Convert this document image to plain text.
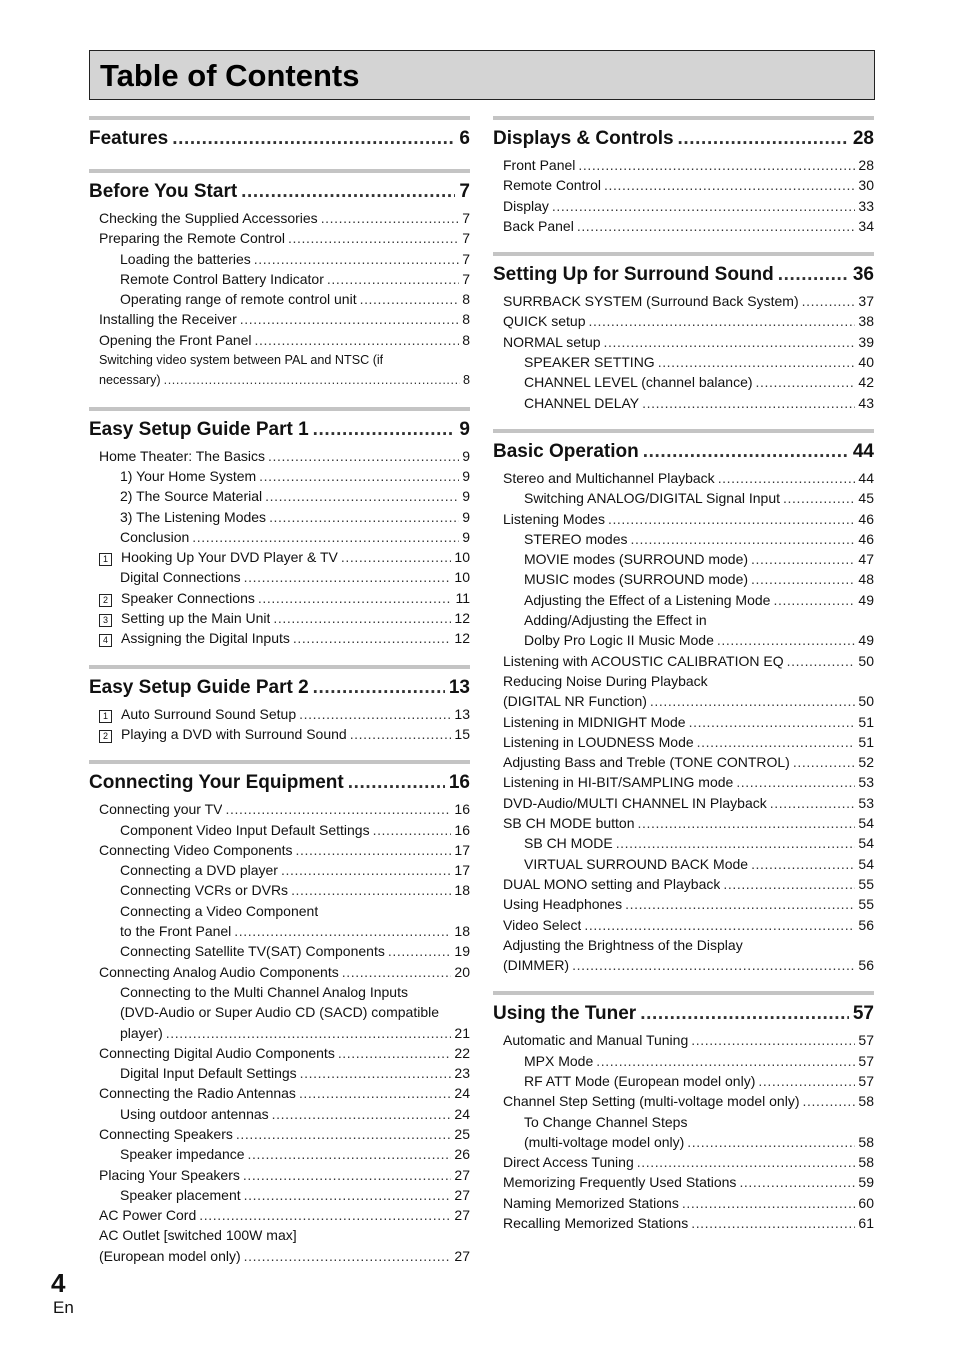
Table of Contents
Features .....	6
Before You Start .....	7
Checking the Supplied Accessories .....	7
Preparing the Remote Control .....	7
Loading the batteries .....	7
Remote Control Battery Indicator .....	7
Operating range of remote control unit .....	8
Installing the Receiver .....	8
Opening the Front Panel .....	8
Switching video system between PAL and NTSC (if
necessary) .....	8
Easy Setup Guide Part 1 .....	9
Home Theater: The Basics .....	9
1) Your Home System .....	9
2) The Source Material .....	9
3) The Listening Modes .....	9
Conclusion .....	9
1 Hooking Up Your DVD Player & TV .....	10
Digital Connections .....	10
2 Speaker Connections .....	11
3 Setting up the Main Unit .....	12
4 Assigning the Digital Inputs .....	12
Easy Setup Guide Part 2 .....	13
1 Auto Surround Sound Setup .....	13
2 Playing a DVD with Surround Sound .....	15
Connecting Your Equipment .....	16
Connecting your TV .....	16
Component Video Input Default Settings .....	16
Connecting Video Components .....	17
Connecting a DVD player .....	17
Connecting VCRs or DVRs .....	18
Connecting a Video Component
to the Front Panel .....	18
Connecting Satellite TV(SAT) Components .....	19
Connecting Analog Audio Components .....	20
Connecting to the Multi Channel Analog Inputs
(DVD-Audio or Super Audio CD (SACD) compatible
player) .....	21
Connecting Digital Audio Components .....	22
Digital Input Default Settings .....	23
Connecting the Radio Antennas .....	24
Using outdoor antennas .....	24
Connecting Speakers .....	25
Speaker impedance .....	26
Placing Your Speakers .....	27
Speaker placement .....	27
AC Power Cord .....	27
AC Outlet [switched 100W max]
(European model only) .....	27
Displays & Controls .....	28
Front Panel .....	28
Remote Control .....	30
Display .....	33
Back Panel .....	34
Setting Up for Surround Sound .....	36
SURRBACK SYSTEM (Surround Back System) .....	37
QUICK setup .....	38
NORMAL setup .....	39
SPEAKER SETTING .....	40
CHANNEL LEVEL (channel balance) .....	42
CHANNEL DELAY .....	43
Basic Operation .....	44
Stereo and Multichannel Playback .....	44
Switching ANALOG/DIGITAL Signal Input .....	45
Listening Modes .....	46
STEREO modes .....	46
MOVIE modes (SURROUND mode) .....	47
MUSIC modes (SURROUND mode) .....	48
Adjusting the Effect of a Listening Mode .....	49
Adding/Adjusting the Effect in
Dolby Pro Logic II Music Mode .....	49
Listening with ACOUSTIC CALIBRATION EQ .....	50
Reducing Noise During Playback
(DIGITAL NR Function) .....	50
Listening in MIDNIGHT Mode .....	51
Listening in LOUDNESS Mode .....	51
Adjusting Bass and Treble (TONE CONTROL) .....	52
Listening in HI-BIT/SAMPLING mode .....	53
DVD-Audio/MULTI CHANNEL IN Playback .....	53
SB CH MODE button .....	54
SB CH MODE .....	54
VIRTUAL SURROUND BACK Mode .....	54
DUAL MONO setting and Playback .....	55
Using Headphones .....	55
Video Select .....	56
Adjusting the Brightness of the Display
(DIMMER) .....	56
Using the Tuner .....	57
Automatic and Manual Tuning .....	57
MPX Mode .....	57
RF ATT Mode (European model only) .....	57
Channel Step Setting (multi-voltage model only) .....	58
To Change Channel Steps
(multi-voltage model only) .....	58
Direct Access Tuning .....	58
Memorizing Frequently Used Stations .....	59
Naming Memorized Stations .....	60
Recalling Memorized Stations .....	61
4
En
